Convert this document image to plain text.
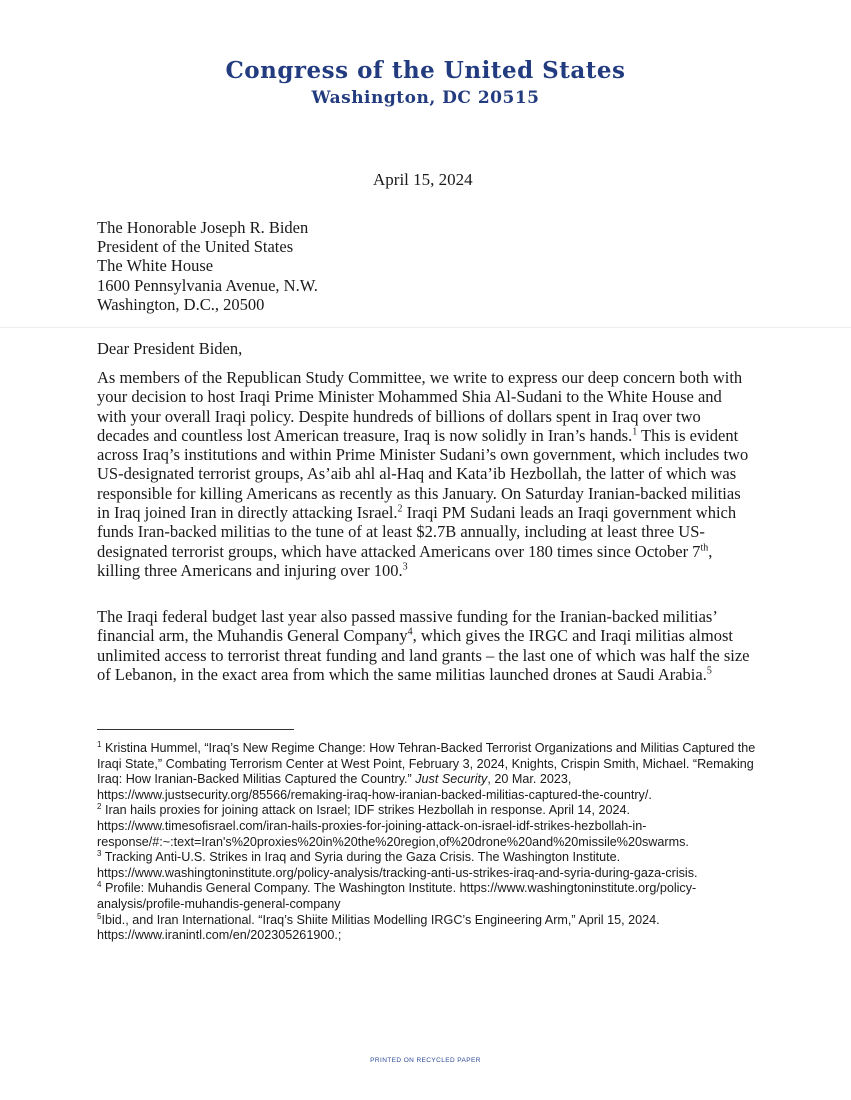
Congress of the United States
Washington, DC 20515
April 15, 2024
The Honorable Joseph R. Biden
President of the United States
The White House
1600 Pennsylvania Avenue, N.W.
Washington, D.C., 20500
Dear President Biden,

As members of the Republican Study Committee, we write to express our deep concern both with your decision to host Iraqi Prime Minister Mohammed Shia Al-Sudani to the White House and with your overall Iraqi policy. Despite hundreds of billions of dollars spent in Iraq over two decades and countless lost American treasure, Iraq is now solidly in Iran’s hands.$^1$ This is evident across Iraq’s institutions and within Prime Minister Sudani’s own government, which includes two US-designated terrorist groups, As’aib ahl al-Haq and Kata’ib Hezbollah, the latter of which was responsible for killing Americans as recently as this January. On Saturday Iranian-backed militias in Iraq joined Iran in directly attacking Israel.$^2$ Iraqi PM Sudani leads an Iraqi government which funds Iran-backed militias to the tune of at least $2.7B annually, including at least three US-designated terrorist groups, which have attacked Americans over 180 times since October 7th, killing three Americans and injuring over 100.$^3$

The Iraqi federal budget last year also passed massive funding for the Iranian-backed militias’ financial arm, the Muhandis General Company$^4$, which gives the IRGC and Iraqi militias almost unlimited access to terrorist threat funding and land grants – the last one of which was half the size of Lebanon, in the exact area from which the same militias launched drones at Saudi Arabia.$^5$

$^1$ Kristina Hummel, “Iraq’s New Regime Change: How Tehran-Backed Terrorist Organizations and Militias Captured the Iraqi State,” Combating Terrorism Center at West Point, February 3, 2024, Knights, Crispin Smith, Michael. “Remaking Iraq: How Iranian-Backed Militias Captured the Country.” Just Security, 20 Mar. 2023, https://www.justsecurity.org/85566/remaking-iraq-how-iranian-backed-militias-captured-the-country/.

$^2$ Iran hails proxies for joining attack on Israel; IDF strikes Hezbollah in response. April 14, 2024. https://www.timesofisrael.com/iran-hails-proxies-for-joining-attack-on-israel-idf-strikes-hezbollah-in-response/#:~:text=Iran's%20proxies%20in%20the%20region,of%20drone%20and%20missile%20swarms.

$^3$ Tracking Anti-U.S. Strikes in Iraq and Syria during the Gaza Crisis. The Washington Institute. https://www.washingtoninstitute.org/policy-analysis/tracking-anti-us-strikes-iraq-and-syria-during-gaza-crisis.

$^4$ Profile: Muhandis General Company. The Washington Institute. https://www.washingtoninstitute.org/policy-analysis/profile-muhandis-general-company

$^5$Ibid., and Iran International. “Iraq’s Shiite Militias Modelling IRGC’s Engineering Arm,” April 15, 2024. https://www.iranintl.com/en/202305261900.;

PRINTED ON RECYCLED PAPER
